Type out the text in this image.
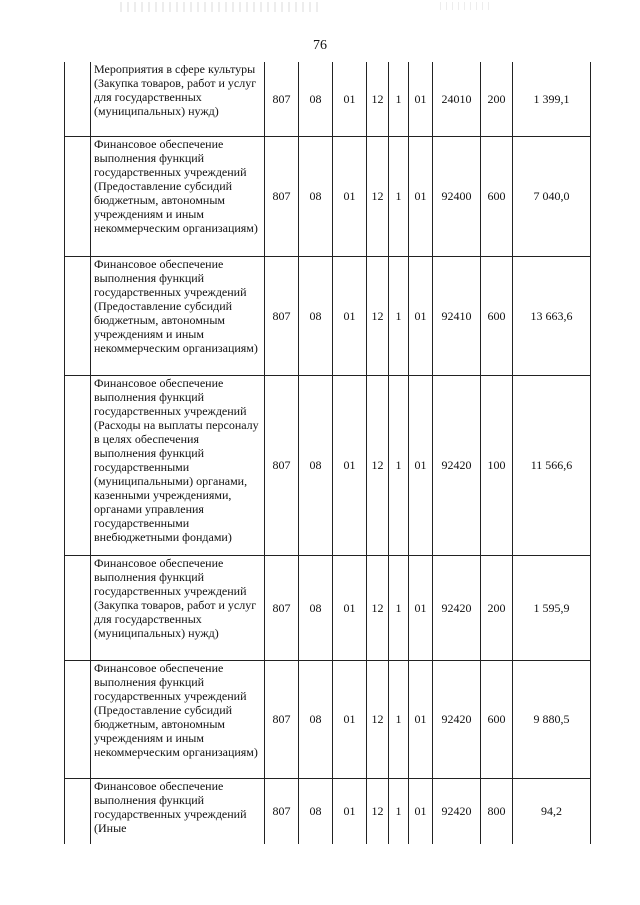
76
	Мероприятия в сфере культуры (Закупка товаров, работ и услуг для государственных (муниципальных) нужд)	807	08	01	12	1	01	24010	200	1 399,1
	Финансовое обеспечение выполнения функций государственных учреждений (Предоставление субсидий бюджетным, автономным учреждениям и иным некоммерческим организациям)	807	08	01	12	1	01	92400	600	7 040,0
	Финансовое обеспечение выполнения функций государственных учреждений (Предоставление субсидий бюджетным, автономным учреждениям и иным некоммерческим организациям)	807	08	01	12	1	01	92410	600	13 663,6
	Финансовое обеспечение выполнения функций государственных учреждений (Расходы на выплаты персоналу в целях обеспечения выполнения функций государственными (муниципальными) органами, казенными учреждениями, органами управления государственными внебюджетными фондами)	807	08	01	12	1	01	92420	100	11 566,6
	Финансовое обеспечение выполнения функций государственных учреждений (Закупка товаров, работ и услуг для государственных (муниципальных) нужд)	807	08	01	12	1	01	92420	200	1 595,9
	Финансовое обеспечение выполнения функций государственных учреждений (Предоставление субсидий бюджетным, автономным учреждениям и иным некоммерческим организациям)	807	08	01	12	1	01	92420	600	9 880,5
	Финансовое обеспечение выполнения функций государственных учреждений (Иные	807	08	01	12	1	01	92420	800	94,2
